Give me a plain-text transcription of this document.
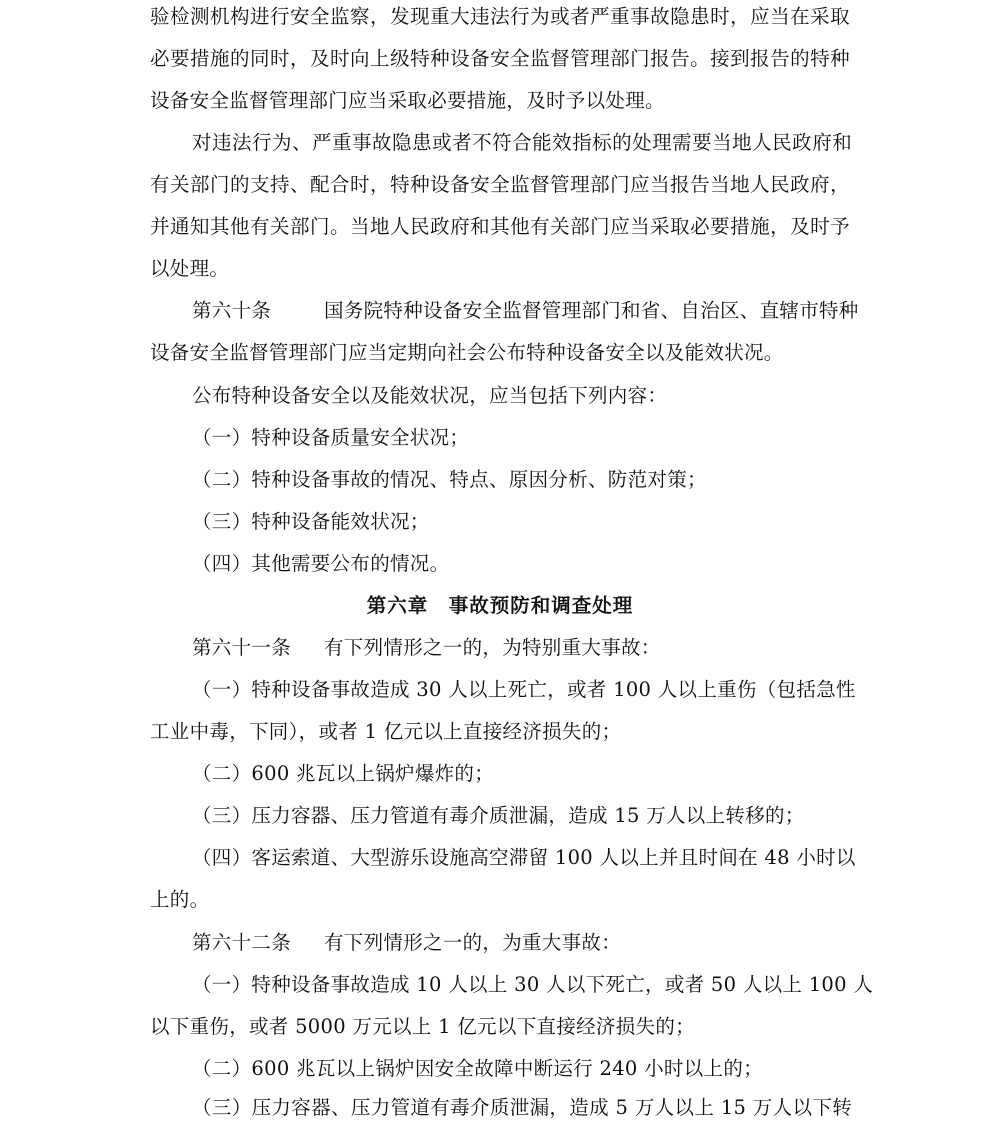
验检测机构进行安全监察，发现重大违法行为或者严重事故隐患时，应当在采取
必要措施的同时，及时向上级特种设备安全监督管理部门报告。接到报告的特种
设备安全监督管理部门应当采取必要措施，及时予以处理。
对违法行为、严重事故隐患或者不符合能效指标的处理需要当地人民政府和
有关部门的支持、配合时，特种设备安全监督管理部门应当报告当地人民政府，
并通知其他有关部门。当地人民政府和其他有关部门应当采取必要措施，及时予
以处理。
第六十条	国务院特种设备安全监督管理部门和省、自治区、直辖市特种
设备安全监督管理部门应当定期向社会公布特种设备安全以及能效状况。
公布特种设备安全以及能效状况，应当包括下列内容：
（一）特种设备质量安全状况；
（二）特种设备事故的情况、特点、原因分析、防范对策；
（三）特种设备能效状况；
（四）其他需要公布的情况。
第六章　事故预防和调查处理
第六十一条 有下列情形之一的，为特别重大事故：
（一）特种设备事故造成 30 人以上死亡，或者 100 人以上重伤（包括急性
工业中毒，下同），或者 1 亿元以上直接经济损失的；
（二）600 兆瓦以上锅炉爆炸的；
（三）压力容器、压力管道有毒介质泄漏，造成 15 万人以上转移的；
（四）客运索道、大型游乐设施高空滞留 100 人以上并且时间在 48 小时以
上的。
第六十二条 有下列情形之一的，为重大事故：
（一）特种设备事故造成 10 人以上 30 人以下死亡，或者 50 人以上 100 人
以下重伤，或者 5000 万元以上 1 亿元以下直接经济损失的；
（二）600 兆瓦以上锅炉因安全故障中断运行 240 小时以上的；
（三）压力容器、压力管道有毒介质泄漏，造成 5 万人以上 15 万人以下转
